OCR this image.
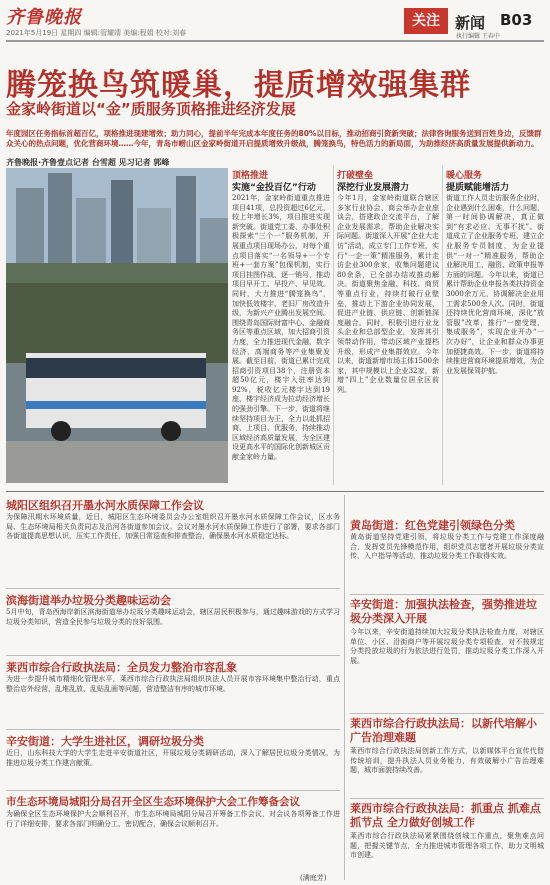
齐鲁晚报
2021年5月19日 星期四 编辑:管耀靖 美编:程娟 校对:刘春
关注	新闻 B03
执行编辑 王春中
腾笼换鸟筑暖巢，提质增效强集群
金家岭街道以“金”质服务顶格推进经济发展
年度园区任务指标首超百亿，项格推进现建增效；助力同心，提前半年完成本年度任务的80%以目标，推动招商引资新突破；法律咨询服务送到百姓身边，反馈群众关心的热点问题，优化营商环境……今年，青岛市崂山区金家岭街道开启提质增效升级战，腾笼换鸟，特色活力的新局面，为助推经济高质量发展提供新动力。
齐鲁晚报·齐鲁壹点记者 台雪超 见习记者 郭峰
顶格推进
实施“金投百亿”行动
2021年，金家岭街道重点推进项目41项，总投资超过6亿元，较上年增长3%，项目推进实现新突破。街道党工委、办事处积极探索“三个一”服务机制，开展重点项目现场办公，对每个重点项目落实“一名领导+一个专班+一套方案”包保机制，实行项目挂图作战、逐一销号，推动项目早开工、早投产、早见效。同时，大力推进“腾笼换鸟”，加快低效楼宇、老旧厂房改造升级，为新兴产业腾出发展空间。围绕青岛国际财富中心、金融商务区等重点区域，加大招商引资力度，全力推进现代金融、数字经济、高端商务等产业集聚发展。截至目前，街道已累计完成招商引资项目38个，注册资本超50亿元，楼宇入驻率达到92%，税收亿元楼宇达到19座，楼宇经济成为拉动经济增长的强劲引擎。下一步，街道将继续坚持项目为王，全力以赴抓招商、上项目、优服务，持续推动区域经济高质量发展，为全区建设更高水平的国际化创新城区贡献金家岭力量。
打破壁垒
深挖行业发展潜力
今年1月，金家岭街道联合辖区多家行业协会、商会举办企业座谈会，搭建政企交流平台，了解企业发展需求，帮助企业解决实际问题。街道深入开展“企业大走访”活动，成立专门工作专班，实行“一企一策”精准服务，累计走访企业300余家，收集问题建议80余条，已全部办结或推动解决。街道聚焦金融、科技、商贸等重点行业，持续打破行业壁垒，推动上下游企业协同发展，促进产业链、供应链、创新链深度融合。同时，积极引进行业龙头企业和总部型企业，发挥其引领带动作用，带动区域产业提档升级，形成产业集群效应。今年以来，街道新增市场主体1500余家，其中规模以上企业32家，新增“四上”企业数量位居全区前列。
暖心服务
提质赋能增活力
街道工作人员走访服务企业时，企业遇到什么困难，什么问题，第一时间协调解决，真正做到“有求必应、无事不扰”。街道成立了企业服务专班，建立企业服务专员制度，为企业提供“一对一”精准服务，帮助企业解决用工、融资、政策申报等方面的问题。今年以来，街道已累计帮助企业申报各类扶持资金3000余万元，协调解决企业用工需求500余人次。同时，街道还持续优化营商环境，深化“放管服”改革，推行“一窗受理、集成服务”，实现企业开办“一次办好”，让企业和群众办事更加便捷高效。下一步，街道将持续推进营商环境提质增效，为企业发展保驾护航。
城阳区组织召开墨水河水质保障工作会议
为保障汛期水环境质量，近日，城阳区生态环境委员会办公室组织召开墨水河水质保障工作会议，区水务局、生态环境局相关负责同志及沿河各街道参加会议。会议对墨水河水质保障工作进行了部署，要求各部门各街道提高思想认识，压实工作责任，加强日常巡查和排查整治，确保墨水河水质稳定达标。
滨海街道举办垃圾分类趣味运动会
5月中旬，青岛西海岸新区滨海街道举办垃圾分类趣味运动会，辖区居民积极参与，通过趣味游戏的方式学习垃圾分类知识，营造全民参与垃圾分类的良好氛围。
莱西市综合行政执法局：全员发力整治市容乱象
为进一步提升城市精细化管理水平，莱西市综合行政执法局组织执法人员开展市容环境集中整治行动，重点整治店外经营、乱堆乱放、乱贴乱画等问题，营造整洁有序的城市环境。
辛安街道：大学生进社区，调研垃圾分类
近日，山东科技大学的大学生走进辛安街道社区，开展垃圾分类调研活动，深入了解居民垃圾分类情况，为推进垃圾分类工作建言献策。
市生态环境局城阳分局召开全区生态环境保护大会工作筹备会议
为确保全区生态环境保护大会顺利召开，市生态环境局城阳分局召开筹备工作会议，对会议各项筹备工作进行了详细安排，要求各部门明确分工、密切配合，确保会议顺利召开。
(满庭芳)
黄岛街道：红色党建引领绿色分类
黄岛街道坚持党建引领，将垃圾分类工作与党建工作深度融合，发挥党员先锋模范作用，组织党员志愿者开展垃圾分类宣传、入户指导等活动，推动垃圾分类工作取得实效。
辛安街道：加强执法检查，强势推进垃圾分类深入开展
今年以来，辛安街道持续加大垃圾分类执法检查力度，对辖区单位、小区、沿街商户等开展垃圾分类专项检查，对不按规定分类投放垃圾的行为依法进行处罚，推动垃圾分类工作深入开展。
莱西市综合行政执法局：以新代培解小广告治理难题
莱西市综合行政执法局创新工作方式，以新媒体平台宣传代替传统培训，提升执法人员业务能力，有效破解小广告治理难题，城市面貌持续改善。
莱西市综合行政执法局：抓重点 抓难点 抓节点 全力做好创城工作
莱西市综合行政执法局紧紧围绕创城工作重点，聚焦难点问题，把握关键节点，全力推进城市管理各项工作，助力文明城市创建。
